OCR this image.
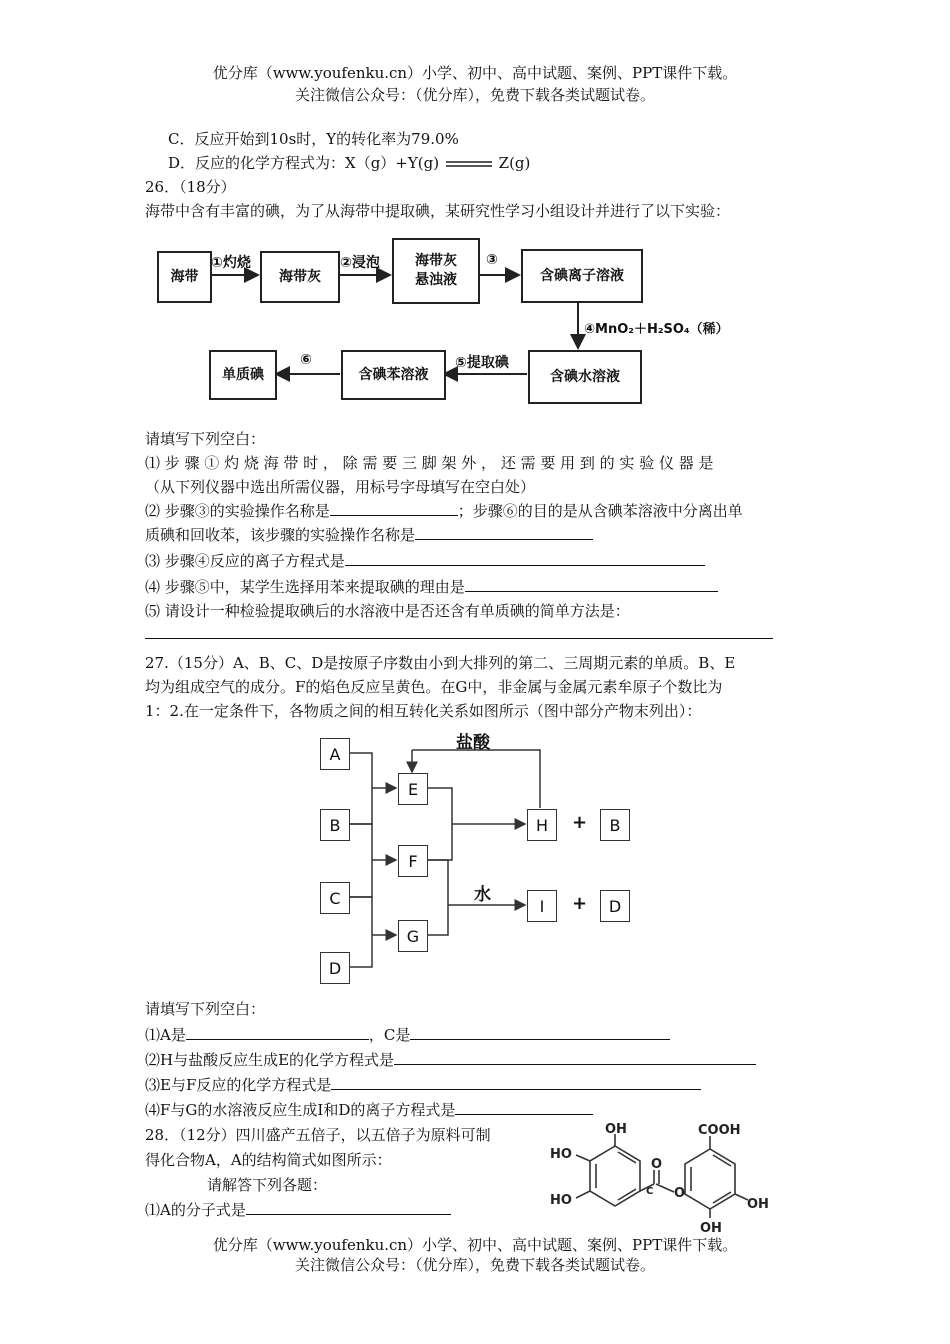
优分库（www.youfenku.cn）小学、初中、高中试题、案例、PPT课件下载。
关注微信公众号：（优分库），免费下载各类试题试卷。
C．反应开始到10s时，Y的转化率为79.0%
D．反应的化学方程式为：X（g）+Y(g)	Z(g)
26．（18分）
海带中含有丰富的碘，为了从海带中提取碘，某研究性学习小组设计并进行了以下实验：
海带	海带灰
海带灰
悬浊液	含碘离子溶液
含碘水溶液
含碘苯溶液
单质碘
①灼烧	②浸泡	③
④MnO₂＋H₂SO₄（稀）
⑤提取碘
⑥
请填写下列空白：
⑴ 步 骤 ① 灼 烧 海 带 时 ， 除 需 要 三 脚 架 外 ， 还 需 要 用 到 的 实 验 仪 器 是
（从下列仪器中选出所需仪器，用标号字母填写在空白处）
⑵ 步骤③的实验操作名称是	；步骤⑥的目的是从含碘苯溶液中分离出单
质碘和回收苯，该步骤的实验操作名称是
⑶ 步骤④反应的离子方程式是
⑷ 步骤⑤中，某学生选择用苯来提取碘的理由是
⑸ 请设计一种检验提取碘后的水溶液中是否还含有单质碘的简单方法是：
27.（15分）A、B、C、D是按原子序数由小到大排列的第二、三周期元素的单质。B、E
均为组成空气的成分。F的焰色反应呈黄色。在G中，非金属与金属元素牟原子个数比为
1：2.在一定条件下，各物质之间的相互转化关系如图所示（图中部分产物末列出）：
A
B
C
D
E
F
G
H
I
B
D
+
+
盐酸
水
请填写下列空白：
⑴A是	，C是
⑵H与盐酸反应生成E的化学方程式是
⑶E与F反应的化学方程式是
⑷F与G的水溶液反应生成I和D的离子方程式是
28．（12分）四川盛产五倍子，以五倍子为原料可制
得化合物A，A的结构简式如图所示：
请解答下列各题：
⑴A的分子式是
OH
HO
HO
O
O
C
COOH
OH
OH
优分库（www.youfenku.cn）小学、初中、高中试题、案例、PPT课件下载。
关注微信公众号：（优分库），免费下载各类试题试卷。
